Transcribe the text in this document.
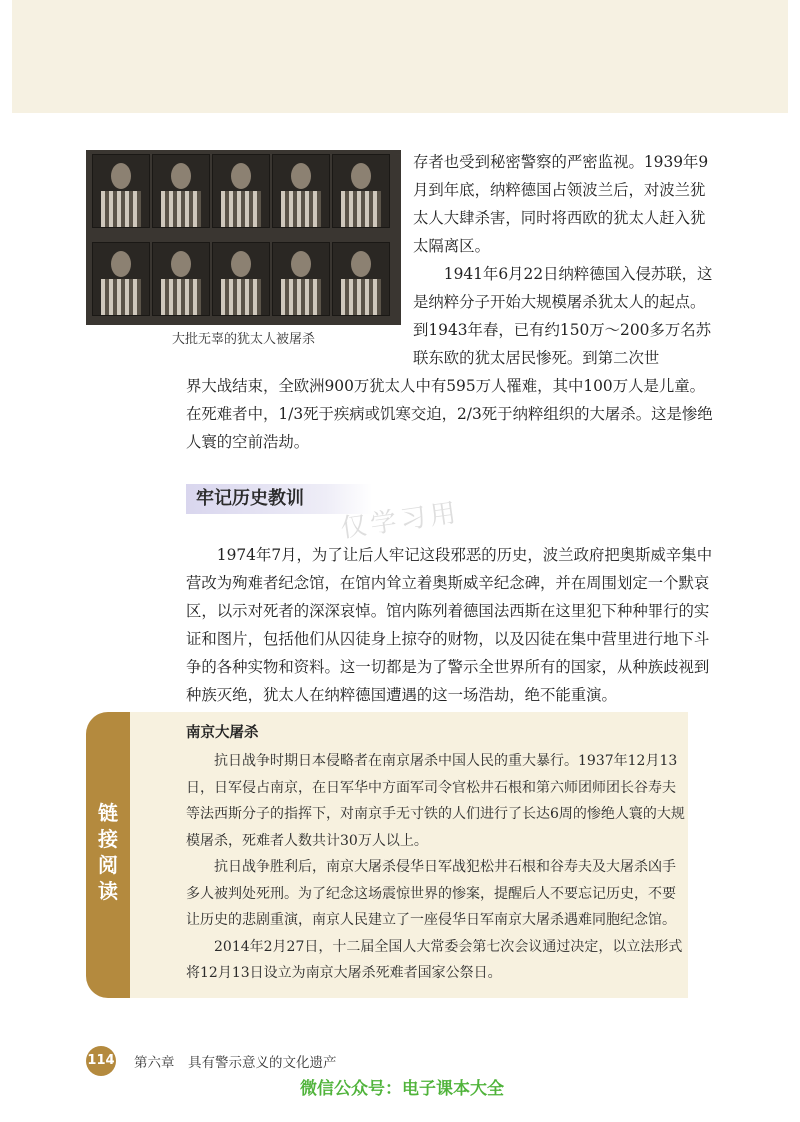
大批无辜的犹太人被屠杀

存者也受到秘密警察的严密监视。1939年9月到年底，纳粹德国占领波兰后，对波兰犹太人大肆杀害，同时将西欧的犹太人赶入犹太隔离区。

1941年6月22日纳粹德国入侵苏联，这是纳粹分子开始大规模屠杀犹太人的起点。到1943年春，已有约150万～200多万名苏联东欧的犹太居民惨死。到第二次世

界大战结束，全欧洲900万犹太人中有595万人罹难，其中100万人是儿童。在死难者中，1/3死于疾病或饥寒交迫，2/3死于纳粹组织的大屠杀。这是惨绝人寰的空前浩劫。

牢记历史教训	仅学习用

1974年7月，为了让后人牢记这段邪恶的历史，波兰政府把奥斯威辛集中营改为殉难者纪念馆，在馆内耸立着奥斯威辛纪念碑，并在周围划定一个默哀区，以示对死者的深深哀悼。馆内陈列着德国法西斯在这里犯下种种罪行的实证和图片，包括他们从囚徒身上掠夺的财物，以及囚徒在集中营里进行地下斗争的各种实物和资料。这一切都是为了警示全世界所有的国家，从种族歧视到种族灭绝，犹太人在纳粹德国遭遇的这一场浩劫，绝不能重演。

链接阅读
南京大屠杀

抗日战争时期日本侵略者在南京屠杀中国人民的重大暴行。1937年12月13日，日军侵占南京，在日军华中方面军司令官松井石根和第六师团师团长谷寿夫等法西斯分子的指挥下，对南京手无寸铁的人们进行了长达6周的惨绝人寰的大规模屠杀，死难者人数共计30万人以上。

抗日战争胜利后，南京大屠杀侵华日军战犯松井石根和谷寿夫及大屠杀凶手多人被判处死刑。为了纪念这场震惊世界的惨案，提醒后人不要忘记历史，不要让历史的悲剧重演，南京人民建立了一座侵华日军南京大屠杀遇难同胞纪念馆。

2014年2月27日，十二届全国人大常委会第七次会议通过决定，以立法形式将12月13日设立为南京大屠杀死难者国家公祭日。

114 第六章　具有警示意义的文化遗产
微信公众号：电子课本大全
